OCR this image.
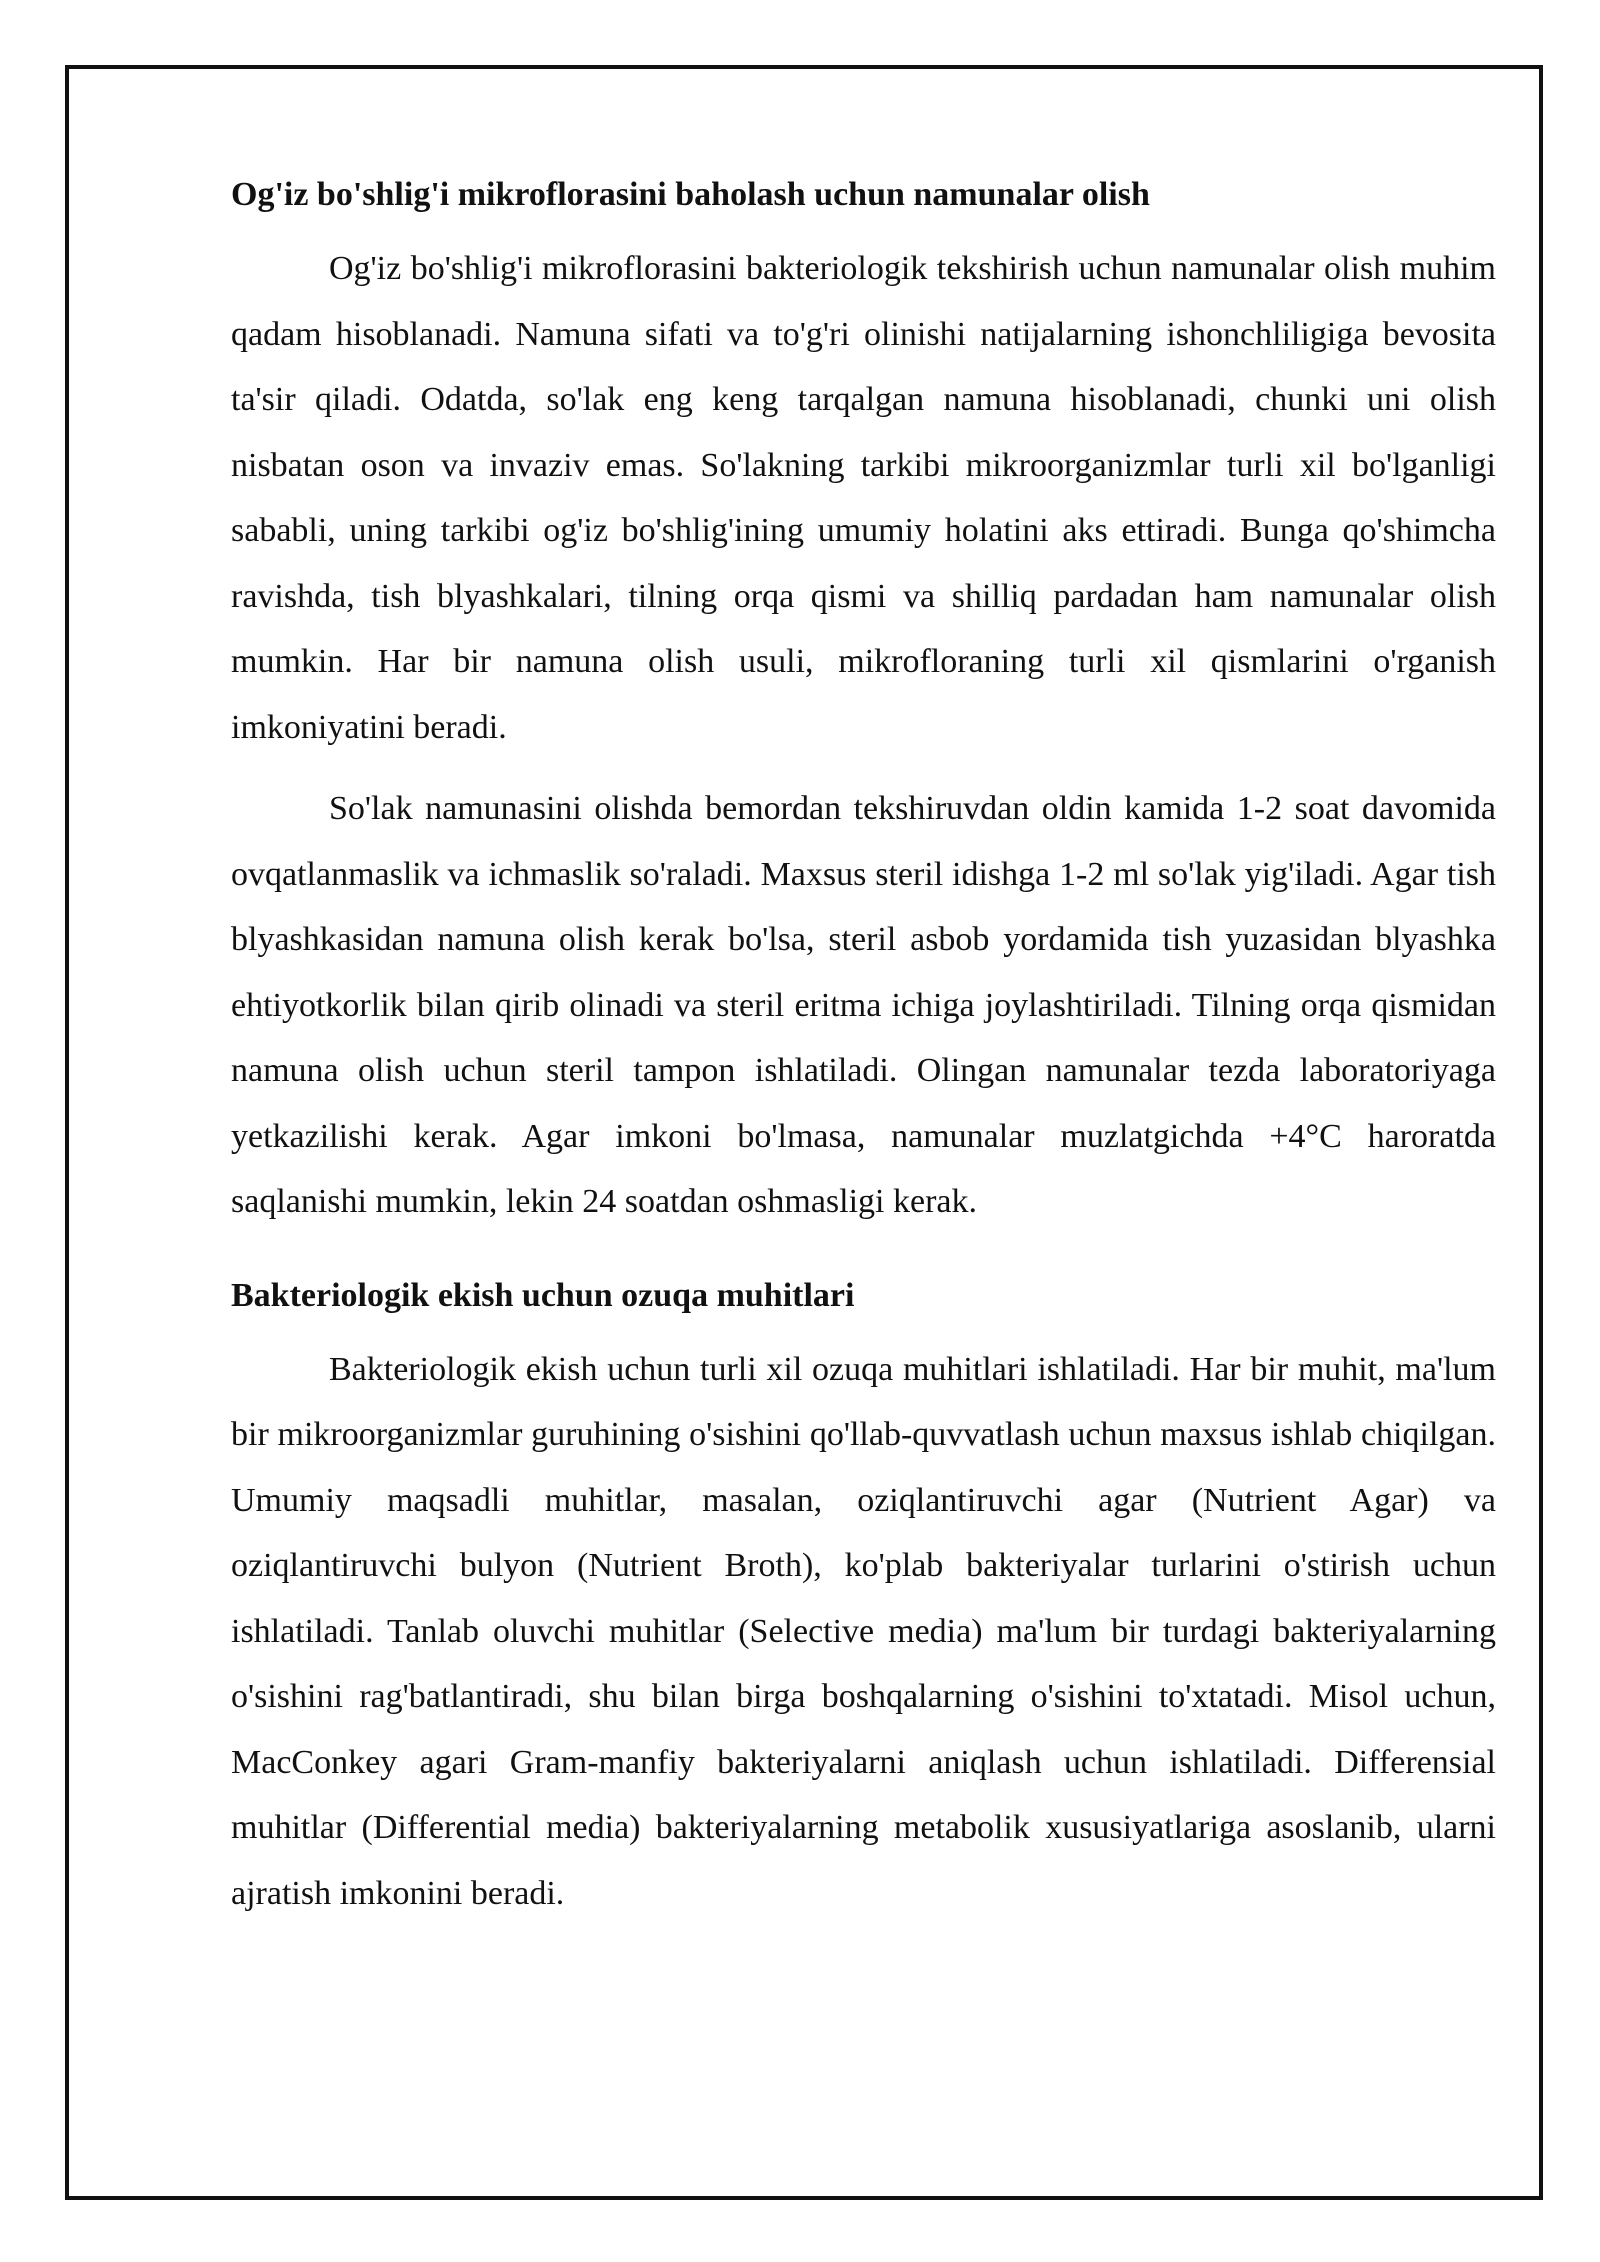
Og'iz bo'shlig'i mikroflorasini baholash uchun namunalar olish

Og'iz bo'shlig'i mikroflorasini bakteriologik tekshirish uchun namunalar olish muhim qadam hisoblanadi. Namuna sifati va to'g'ri olinishi natijalarning ishonchliligiga bevosita ta'sir qiladi. Odatda, so'lak eng keng tarqalgan namuna hisoblanadi, chunki uni olish nisbatan oson va invaziv emas. So'lakning tarkibi mikroorganizmlar turli xil bo'lganligi sababli, uning tarkibi og'iz bo'shlig'ining umumiy holatini aks ettiradi. Bunga qo'shimcha ravishda, tish blyashkalari, tilning orqa qismi va shilliq pardadan ham namunalar olish mumkin. Har bir namuna olish usuli, mikrofloraning turli xil qismlarini o'rganish imkoniyatini beradi.

So'lak namunasini olishda bemordan tekshiruvdan oldin kamida 1-2 soat davomida ovqatlanmaslik va ichmaslik so'raladi. Maxsus steril idishga 1-2 ml so'lak yig'iladi. Agar tish blyashkasidan namuna olish kerak bo'lsa, steril asbob yordamida tish yuzasidan blyashka ehtiyotkorlik bilan qirib olinadi va steril eritma ichiga joylashtiriladi. Tilning orqa qismidan namuna olish uchun steril tampon ishlatiladi. Olingan namunalar tezda laboratoriyaga yetkazilishi kerak. Agar imkoni bo'lmasa, namunalar muzlatgichda +4°C haroratda saqlanishi mumkin, lekin 24 soatdan oshmasligi kerak.

Bakteriologik ekish uchun ozuqa muhitlari

Bakteriologik ekish uchun turli xil ozuqa muhitlari ishlatiladi. Har bir muhit, ma'lum bir mikroorganizmlar guruhining o'sishini qo'llab-quvvatlash uchun maxsus ishlab chiqilgan. Umumiy maqsadli muhitlar, masalan, oziqlantiruvchi agar (Nutrient Agar) va oziqlantiruvchi bulyon (Nutrient Broth), ko'plab bakteriyalar turlarini o'stirish uchun ishlatiladi. Tanlab oluvchi muhitlar (Selective media) ma'lum bir turdagi bakteriyalarning o'sishini rag'batlantiradi, shu bilan birga boshqalarning o'sishini to'xtatadi. Misol uchun, MacConkey agari Gram-manfiy bakteriyalarni aniqlash uchun ishlatiladi. Differensial muhitlar (Differential media) bakteriyalarning metabolik xususiyatlariga asoslanib, ularni ajratish imkonini beradi.
